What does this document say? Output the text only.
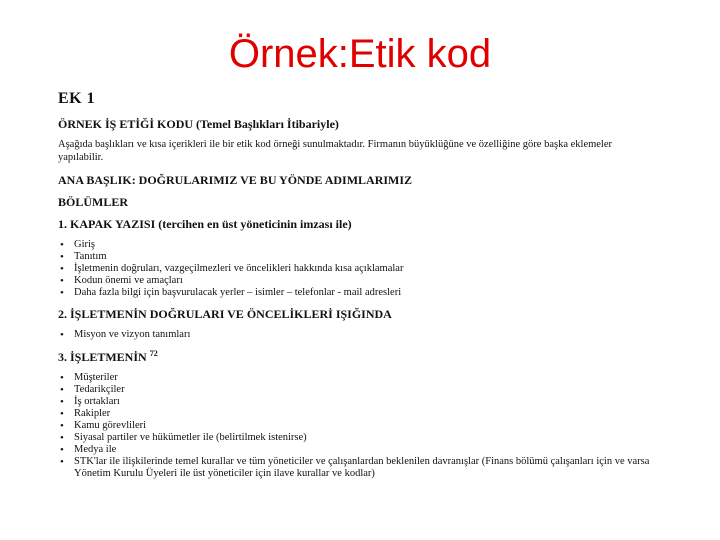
Örnek:Etik kod
EK 1
ÖRNEK İŞ ETİĞİ KODU (Temel Başlıkları İtibariyle)
Aşağıda başlıkları ve kısa içerikleri ile bir etik kod örneği sunulmaktadır. Firmanın büyüklüğüne ve özelliğine göre başka eklemeler yapılabilir.
ANA BAŞLIK: DOĞRULARIMIZ VE BU YÖNDE ADIMLARIMIZ
BÖLÜMLER
1. KAPAK YAZISI (tercihen en üst yöneticinin imzası ile)
• Giriş
• Tanıtım
• İşletmenin doğruları, vazgeçilmezleri ve öncelikleri hakkında kısa açıklamalar
• Kodun önemi ve amaçları
• Daha fazla bilgi için başvurulacak yerler – isimler – telefonlar - mail adresleri
2. İŞLETMENİN DOĞRULARI VE ÖNCELİKLERİ IŞIĞINDA
• Misyon ve vizyon tanımları
3. İŞLETMENİN $^{72}$
• Müşteriler
• Tedarikçiler
• İş ortakları
• Rakipler
• Kamu görevlileri
• Siyasal partiler ve hükümetler ile (belirtilmek istenirse)
• Medya ile
• STK'lar ile ilişkilerinde temel kurallar ve tüm yöneticiler ve çalışanlardan beklenilen davranışlar (Finans bölümü çalışanları için ve varsa Yönetim Kurulu Üyeleri ile üst yöneticiler için ilave kurallar ve kodlar)
